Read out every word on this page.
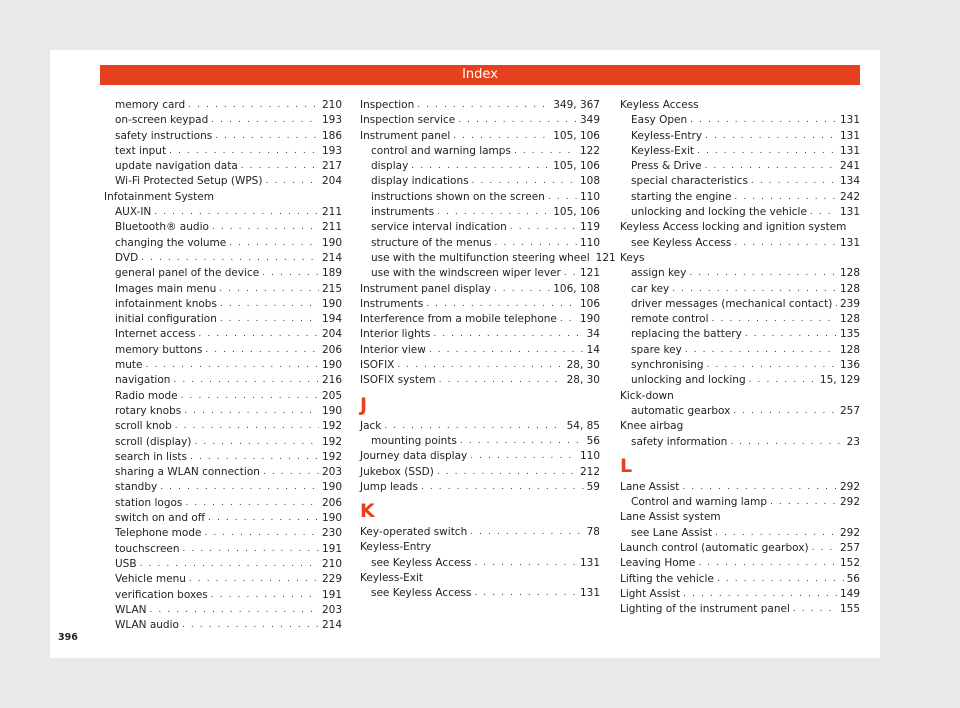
Index
memory card . . .	210
on-screen keypad . . .	193
safety instructions . . .	186
text input . . .	193
update navigation data . . .	217
Wi-Fi Protected Setup (WPS) . . .	204
Infotainment System
AUX-IN . . .	211
Bluetooth® audio . . .	211
changing the volume . . .	190
DVD . . .	214
general panel of the device . . .	189
Images main menu . . .	215
infotainment knobs . . .	190
initial configuration . . .	194
Internet access . . .	204
memory buttons . . .	206
mute . . .	190
navigation . . .	216
Radio mode . . .	205
rotary knobs . . .	190
scroll knob . . .	192
scroll (display) . . .	192
search in lists . . .	192
sharing a WLAN connection . . .	203
standby . . .	190
station logos . . .	206
switch on and off . . .	190
Telephone mode . . .	230
touchscreen . . .	191
USB . . .	210
Vehicle menu . . .	229
verification boxes . . .	191
WLAN . . .	203
WLAN audio . . .	214
Inspection . . .	349, 367
Inspection service . . .	349
Instrument panel . . .	105, 106
control and warning lamps . . .	122
display . . .	105, 106
display indications . . .	108
instructions shown on the screen . . .	110
instruments . . .	105, 106
service interval indication . . .	119
structure of the menus . . .	110
use with the multifunction steering wheel 121
use with the windscreen wiper lever . . . 121
Instrument panel display . . .	106, 108
Instruments . . .	106
Interference from a mobile telephone . . . 190
Interior lights . . .	34
Interior view . . .	14
ISOFIX . . .	28, 30
ISOFIX system . . .	28, 30
J
Jack . . .	54, 85
mounting points . . .	56
Journey data display . . .	110
Jukebox (SSD) . . .	212
Jump leads . . .	59
K
Key-operated switch . . .	78
Keyless-Entry
see Keyless Access . . .	131
Keyless-Exit
see Keyless Access . . .	131
Keyless Access
Easy Open . . .	131
Keyless-Entry . . .	131
Keyless-Exit . . .	131
Press & Drive . . .	241
special characteristics . . .	134
starting the engine . . .	242
unlocking and locking the vehicle . . .	131
Keyless Access locking and ignition system
see Keyless Access . . .	131
Keys
assign key . . .	128
car key . . .	128
driver messages (mechanical contact) . . . 239
remote control . . .	128
replacing the battery . . .	135
spare key . . .	128
synchronising . . .	136
unlocking and locking . . .	15, 129
Kick-down
automatic gearbox . . .	257
Knee airbag
safety information . . .	23
L
Lane Assist . . .	292
Control and warning lamp . . .	292
Lane Assist system
see Lane Assist . . .	292
Launch control (automatic gearbox) . . .	257
Leaving Home . . .	152
Lifting the vehicle . . .	56
Light Assist . . .	149
Lighting of the instrument panel . . .	155
396
